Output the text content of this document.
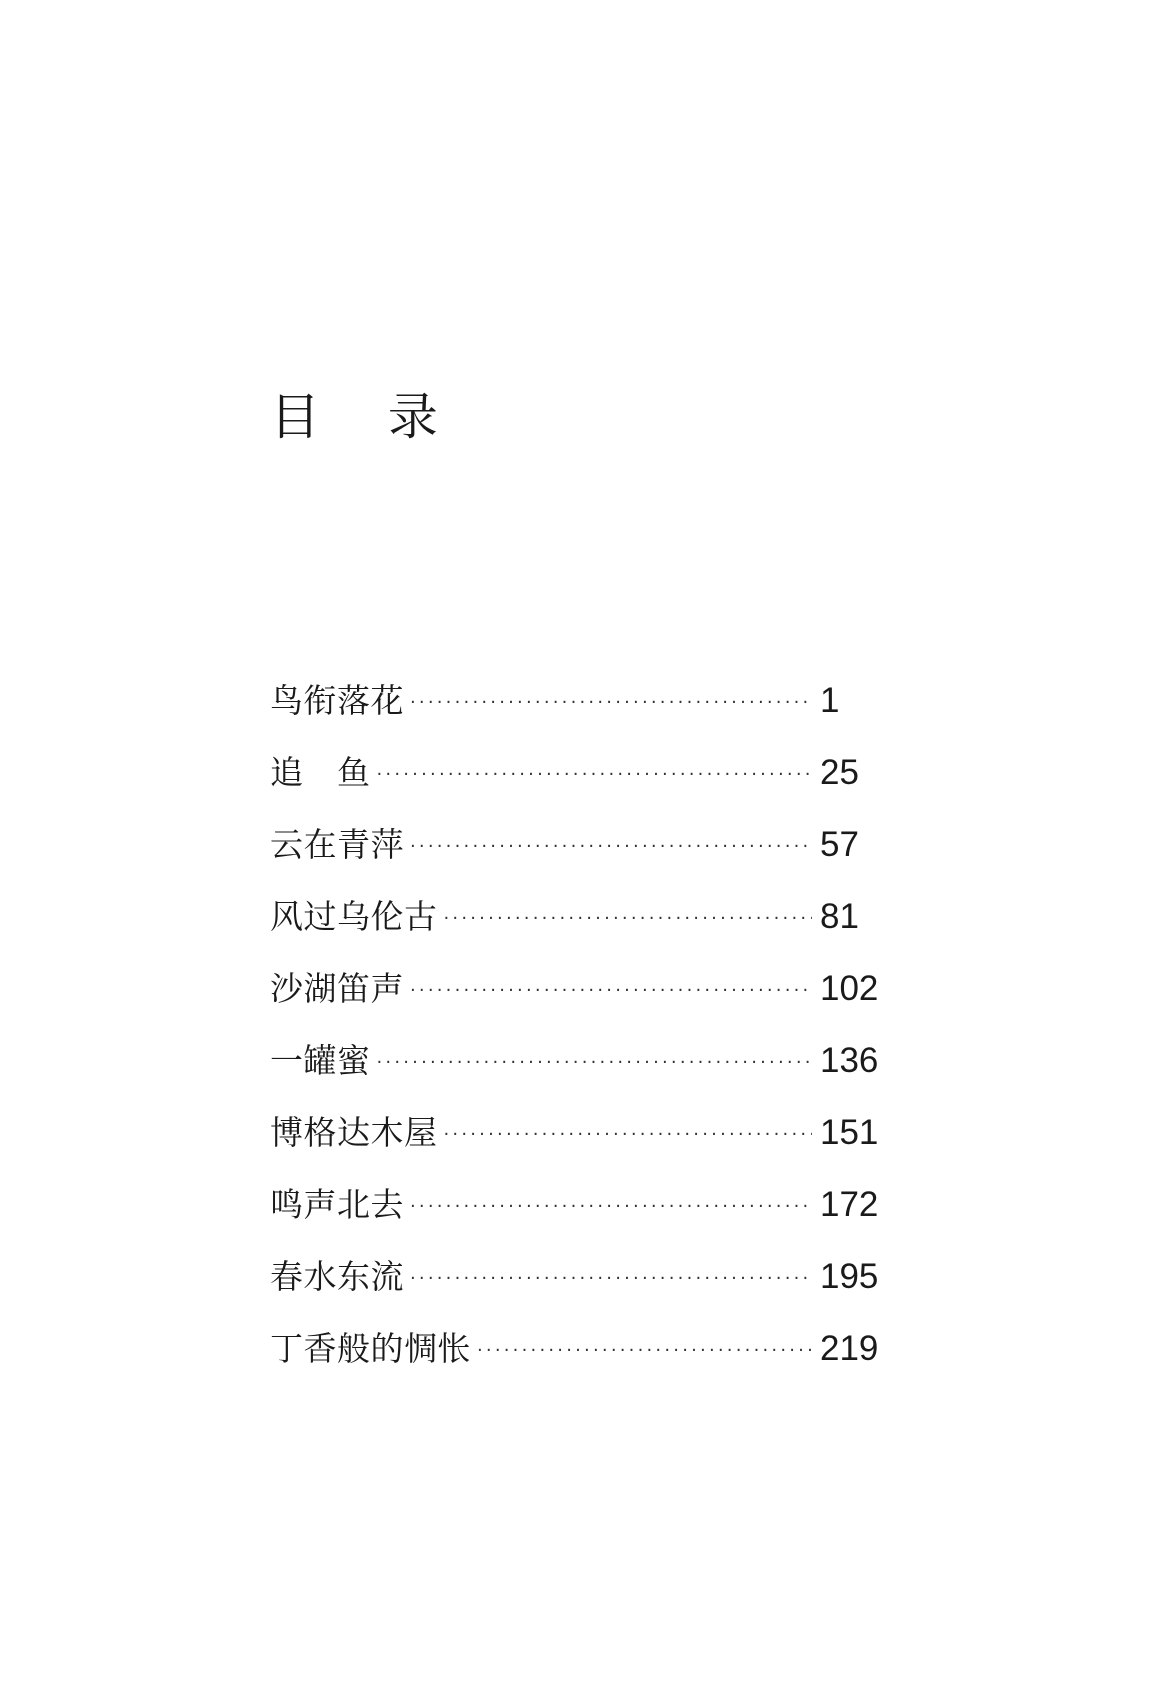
目 录
鸟衔落花 ·····	1
追　鱼 ·····	25
云在青萍 ·····	57
风过乌伦古 ·····	81
沙湖笛声 ·····	102
一罐蜜 ·····	136
博格达木屋 ·····	151
鸣声北去 ·····	172
春水东流 ·····	195
丁香般的惆怅 ·····	219
